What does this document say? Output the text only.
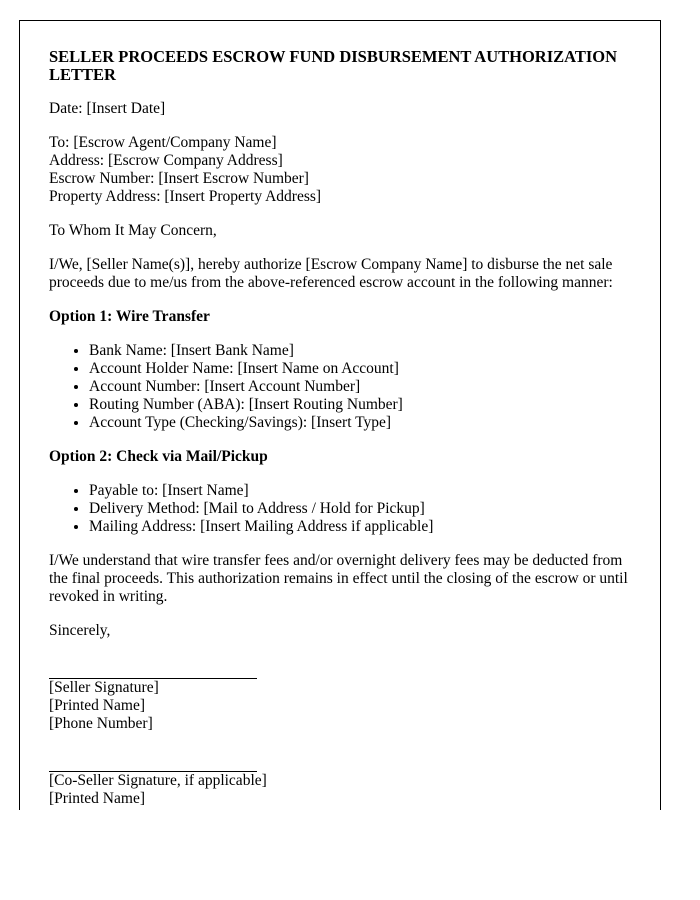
SELLER PROCEEDS ESCROW FUND DISBURSEMENT AUTHORIZATION LETTER

Date: [Insert Date]

To: [Escrow Agent/Company Name]
Address: [Escrow Company Address]
Escrow Number: [Insert Escrow Number]
Property Address: [Insert Property Address]

To Whom It May Concern,

I/We, [Seller Name(s)], hereby authorize [Escrow Company Name] to disburse the net sale proceeds due to me/us from the above-referenced escrow account in the following manner:

Option 1: Wire Transfer
• Bank Name: [Insert Bank Name]
• Account Holder Name: [Insert Name on Account]
• Account Number: [Insert Account Number]
• Routing Number (ABA): [Insert Routing Number]
• Account Type (Checking/Savings): [Insert Type]
Option 2: Check via Mail/Pickup
• Payable to: [Insert Name]
• Delivery Method: [Mail to Address / Hold for Pickup]
• Mailing Address: [Insert Mailing Address if applicable]

I/We understand that wire transfer fees and/or overnight delivery fees may be deducted from the final proceeds. This authorization remains in effect until the closing of the escrow or until revoked in writing.

Sincerely,

[Seller Signature]
[Printed Name]
[Phone Number]
[Co-Seller Signature, if applicable]
[Printed Name]
